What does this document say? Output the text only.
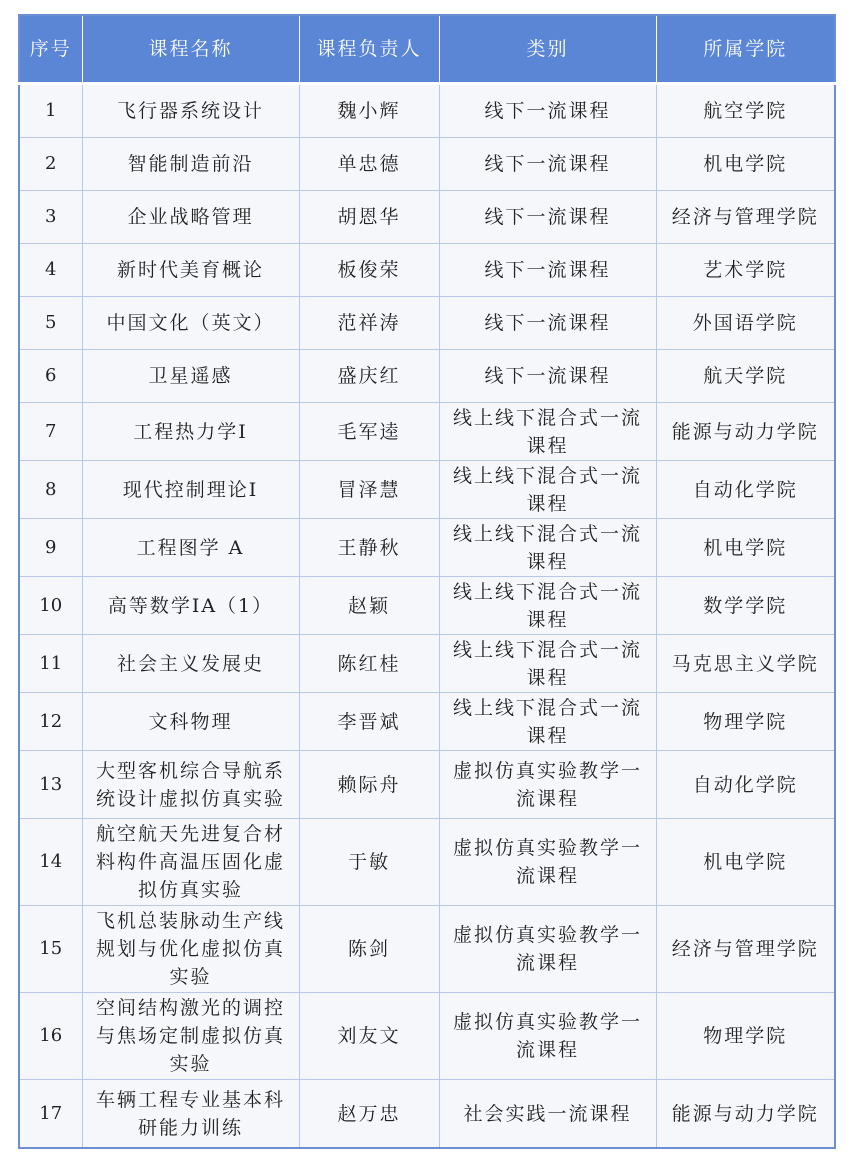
序号	课程名称	课程负责人	类别	所属学院
1	飞行器系统设计	魏小辉	线下一流课程	航空学院
2	智能制造前沿	单忠德	线下一流课程	机电学院
3	企业战略管理	胡恩华	线下一流课程	经济与管理学院
4	新时代美育概论	板俊荣	线下一流课程	艺术学院
5	中国文化（英文）	范祥涛	线下一流课程	外国语学院
6	卫星遥感	盛庆红	线下一流课程	航天学院
7	工程热力学I	毛军逵	线上线下混合式一流课程	能源与动力学院
8	现代控制理论I	冒泽慧	线上线下混合式一流课程	自动化学院
9	工程图学 A	王静秋	线上线下混合式一流课程	机电学院
10	高等数学IA（1）	赵颖	线上线下混合式一流课程	数学学院
11	社会主义发展史	陈红桂	线上线下混合式一流课程	马克思主义学院
12	文科物理	李晋斌	线上线下混合式一流课程	物理学院
13	大型客机综合导航系统设计虚拟仿真实验	赖际舟	虚拟仿真实验教学一流课程	自动化学院
14	航空航天先进复合材料构件高温压固化虚拟仿真实验	于敏	虚拟仿真实验教学一流课程	机电学院
15	飞机总装脉动生产线规划与优化虚拟仿真实验	陈剑	虚拟仿真实验教学一流课程	经济与管理学院
16	空间结构激光的调控与焦场定制虚拟仿真实验	刘友文	虚拟仿真实验教学一流课程	物理学院
17	车辆工程专业基本科研能力训练	赵万忠	社会实践一流课程	能源与动力学院
